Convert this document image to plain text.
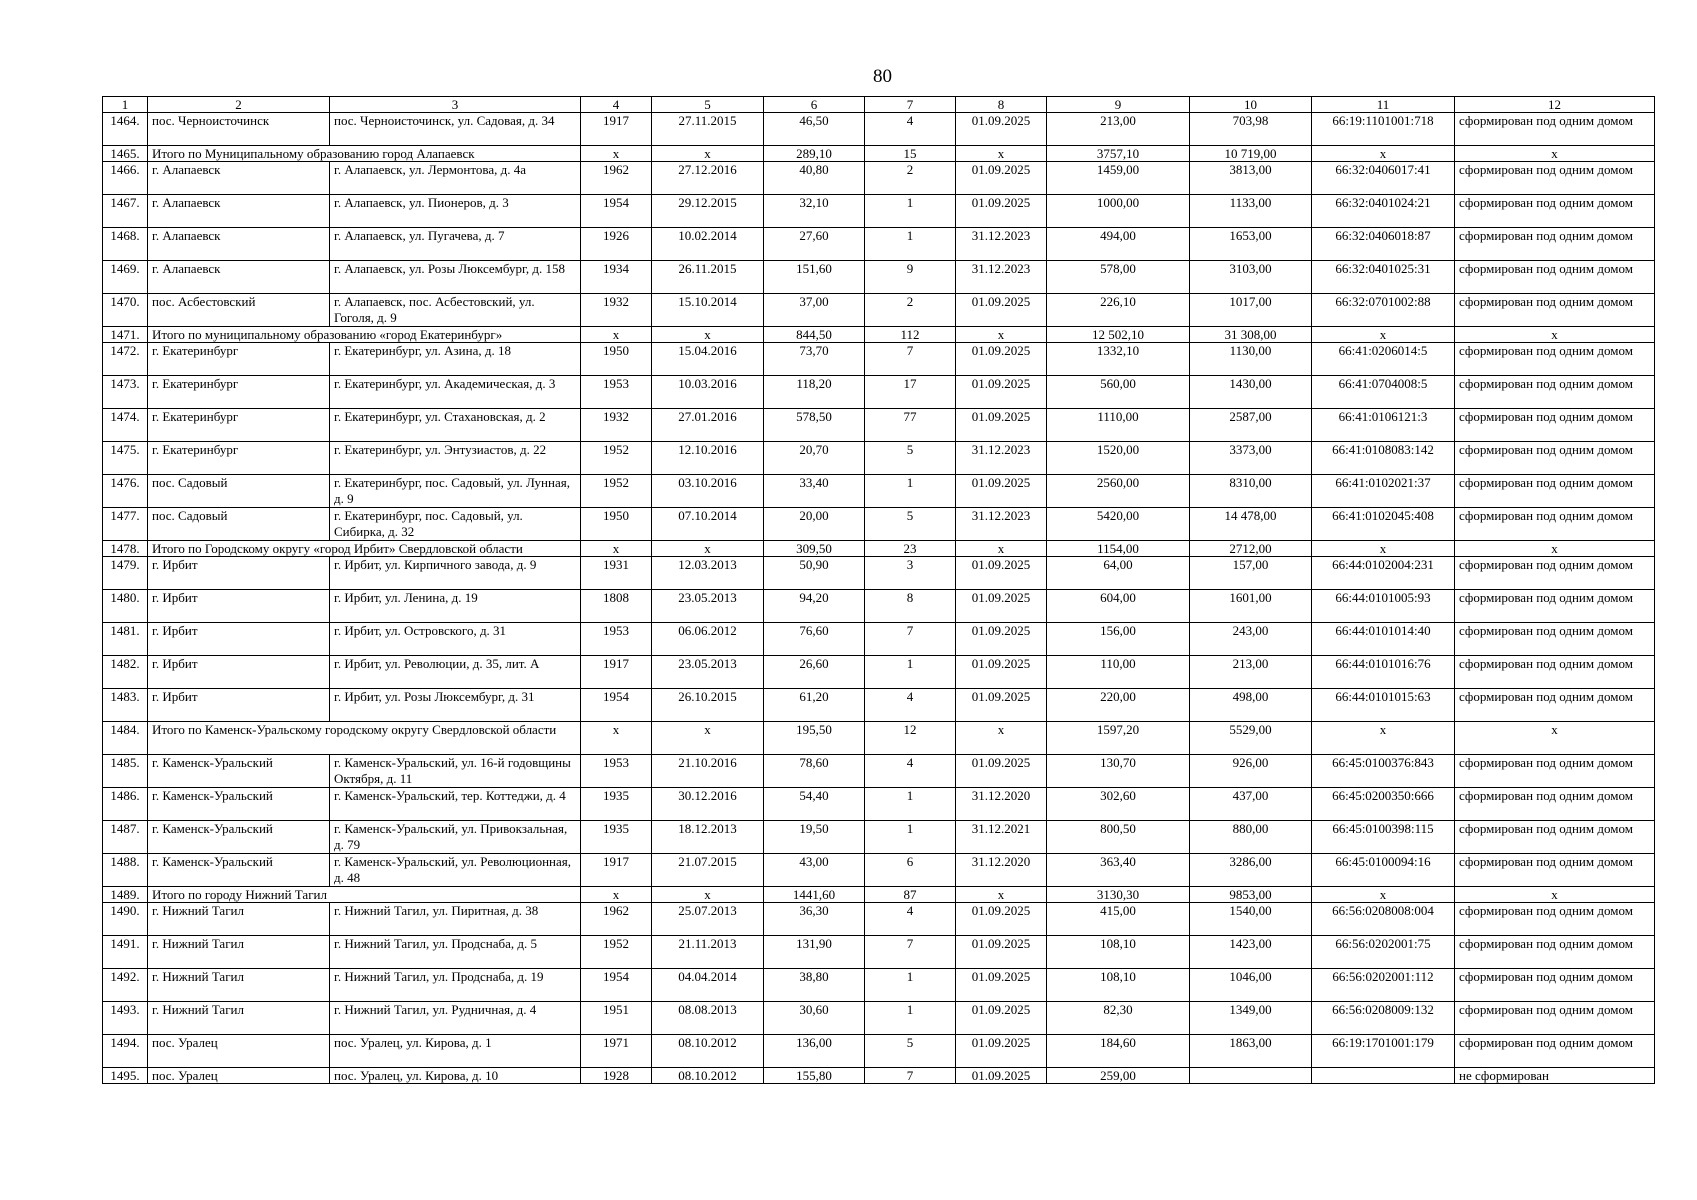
80
1	2	3	4	5	6	7	8	9	10	11	12
1464.	пос. Черноисточинск	пос. Черноисточинск, ул. Садовая, д. 34	1917	27.11.2015	46,50	4	01.09.2025	213,00	703,98	66:19:1101001:718	сформирован под одним домом
1465.	Итого по Муниципальному образованию город Алапаевск		x	x	289,10	15	x	3757,10	10 719,00	x	x
1466.	г. Алапаевск	г. Алапаевск, ул. Лермонтова, д. 4а	1962	27.12.2016	40,80	2	01.09.2025	1459,00	3813,00	66:32:0406017:41	сформирован под одним домом
1467.	г. Алапаевск	г. Алапаевск, ул. Пионеров, д. 3	1954	29.12.2015	32,10	1	01.09.2025	1000,00	1133,00	66:32:0401024:21	сформирован под одним домом
1468.	г. Алапаевск	г. Алапаевск, ул. Пугачева, д. 7	1926	10.02.2014	27,60	1	31.12.2023	494,00	1653,00	66:32:0406018:87	сформирован под одним домом
1469.	г. Алапаевск	г. Алапаевск, ул. Розы Люксембург, д. 158	1934	26.11.2015	151,60	9	31.12.2023	578,00	3103,00	66:32:0401025:31	сформирован под одним домом
1470.	пос. Асбестовский	г. Алапаевск, пос. Асбестовский, ул. Гоголя, д. 9	1932	15.10.2014	37,00	2	01.09.2025	226,10	1017,00	66:32:0701002:88	сформирован под одним домом
1471.	Итого по муниципальному образованию «город Екатеринбург»		x	x	844,50	112	x	12 502,10	31 308,00	x	x
1472.	г. Екатеринбург	г. Екатеринбург, ул. Азина, д. 18	1950	15.04.2016	73,70	7	01.09.2025	1332,10	1130,00	66:41:0206014:5	сформирован под одним домом
1473.	г. Екатеринбург	г. Екатеринбург, ул. Академическая, д. 3	1953	10.03.2016	118,20	17	01.09.2025	560,00	1430,00	66:41:0704008:5	сформирован под одним домом
1474.	г. Екатеринбург	г. Екатеринбург, ул. Стахановская, д. 2	1932	27.01.2016	578,50	77	01.09.2025	1110,00	2587,00	66:41:0106121:3	сформирован под одним домом
1475.	г. Екатеринбург	г. Екатеринбург, ул. Энтузиастов, д. 22	1952	12.10.2016	20,70	5	31.12.2023	1520,00	3373,00	66:41:0108083:142	сформирован под одним домом
1476.	пос. Садовый	г. Екатеринбург, пос. Садовый, ул. Лунная, д. 9	1952	03.10.2016	33,40	1	01.09.2025	2560,00	8310,00	66:41:0102021:37	сформирован под одним домом
1477.	пос. Садовый	г. Екатеринбург, пос. Садовый, ул. Сибирка, д. 32	1950	07.10.2014	20,00	5	31.12.2023	5420,00	14 478,00	66:41:0102045:408	сформирован под одним домом
1478.	Итого по Городскому округу «город Ирбит» Свердловской области		x	x	309,50	23	x	1154,00	2712,00	x	x
1479.	г. Ирбит	г. Ирбит, ул. Кирпичного завода, д. 9	1931	12.03.2013	50,90	3	01.09.2025	64,00	157,00	66:44:0102004:231	сформирован под одним домом
1480.	г. Ирбит	г. Ирбит, ул. Ленина, д. 19	1808	23.05.2013	94,20	8	01.09.2025	604,00	1601,00	66:44:0101005:93	сформирован под одним домом
1481.	г. Ирбит	г. Ирбит, ул. Островского, д. 31	1953	06.06.2012	76,60	7	01.09.2025	156,00	243,00	66:44:0101014:40	сформирован под одним домом
1482.	г. Ирбит	г. Ирбит, ул. Революции, д. 35, лит. А	1917	23.05.2013	26,60	1	01.09.2025	110,00	213,00	66:44:0101016:76	сформирован под одним домом
1483.	г. Ирбит	г. Ирбит, ул. Розы Люксембург, д. 31	1954	26.10.2015	61,20	4	01.09.2025	220,00	498,00	66:44:0101015:63	сформирован под одним домом
1484.	Итого по Каменск-Уральскому городскому округу Свердловской области		x	x	195,50	12	x	1597,20	5529,00	x	x
1485.	г. Каменск-Уральский	г. Каменск-Уральский, ул. 16-й годовщины Октября, д. 11	1953	21.10.2016	78,60	4	01.09.2025	130,70	926,00	66:45:0100376:843	сформирован под одним домом
1486.	г. Каменск-Уральский	г. Каменск-Уральский, тер. Коттеджи, д. 4	1935	30.12.2016	54,40	1	31.12.2020	302,60	437,00	66:45:0200350:666	сформирован под одним домом
1487.	г. Каменск-Уральский	г. Каменск-Уральский, ул. Привокзальная, д. 79	1935	18.12.2013	19,50	1	31.12.2021	800,50	880,00	66:45:0100398:115	сформирован под одним домом
1488.	г. Каменск-Уральский	г. Каменск-Уральский, ул. Революционная, д. 48	1917	21.07.2015	43,00	6	31.12.2020	363,40	3286,00	66:45:0100094:16	сформирован под одним домом
1489.	Итого по городу Нижний Тагил		x	x	1441,60	87	x	3130,30	9853,00	x	x
1490.	г. Нижний Тагил	г. Нижний Тагил, ул. Пиритная, д. 38	1962	25.07.2013	36,30	4	01.09.2025	415,00	1540,00	66:56:0208008:004	сформирован под одним домом
1491.	г. Нижний Тагил	г. Нижний Тагил, ул. Продснаба, д. 5	1952	21.11.2013	131,90	7	01.09.2025	108,10	1423,00	66:56:0202001:75	сформирован под одним домом
1492.	г. Нижний Тагил	г. Нижний Тагил, ул. Продснаба, д. 19	1954	04.04.2014	38,80	1	01.09.2025	108,10	1046,00	66:56:0202001:112	сформирован под одним домом
1493.	г. Нижний Тагил	г. Нижний Тагил, ул. Рудничная, д. 4	1951	08.08.2013	30,60	1	01.09.2025	82,30	1349,00	66:56:0208009:132	сформирован под одним домом
1494.	пос. Уралец	пос. Уралец, ул. Кирова, д. 1	1971	08.10.2012	136,00	5	01.09.2025	184,60	1863,00	66:19:1701001:179	сформирован под одним домом
1495.	пос. Уралец	пос. Уралец, ул. Кирова, д. 10	1928	08.10.2012	155,80	7	01.09.2025	259,00			не сформирован
